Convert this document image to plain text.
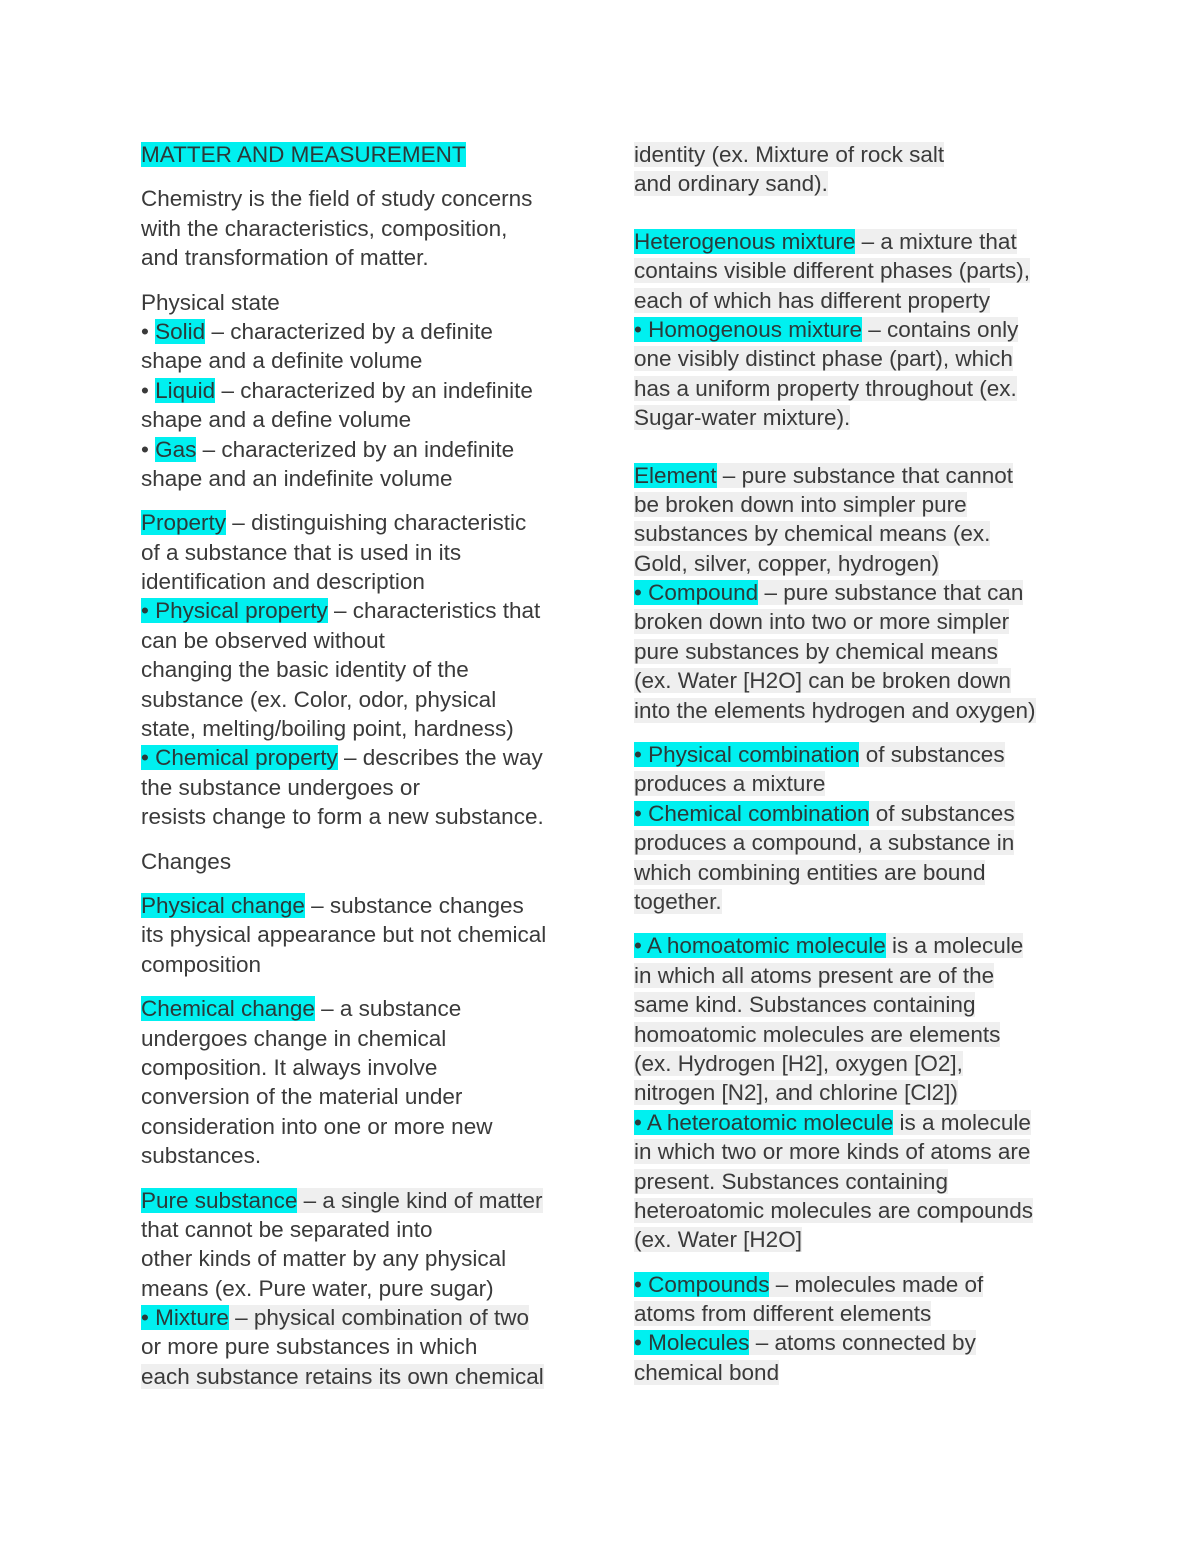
MATTER AND MEASUREMENT
Chemistry is the field of study concerns
with the characteristics, composition,
and transformation of matter.
Physical state
• Solid – characterized by a definite
shape and a definite volume
• Liquid – characterized by an indefinite
shape and a define volume
• Gas – characterized by an indefinite
shape and an indefinite volume
Property – distinguishing characteristic
of a substance that is used in its
identification and description
• Physical property – characteristics that
can be observed without
changing the basic identity of the
substance (ex. Color, odor, physical
state, melting/boiling point, hardness)
• Chemical property – describes the way
the substance undergoes or
resists change to form a new substance.
Changes
Physical change – substance changes
its physical appearance but not chemical
composition
Chemical change – a substance
undergoes change in chemical
composition. It always involve
conversion of the material under
consideration into one or more new
substances.
Pure substance – a single kind of matter
that cannot be separated into
other kinds of matter by any physical
means (ex. Pure water, pure sugar)
• Mixture – physical combination of two
or more pure substances in which
each substance retains its own chemical
identity (ex. Mixture of rock salt
and ordinary sand).
Heterogenous mixture – a mixture that
contains visible different phases (parts),
each of which has different property
• Homogenous mixture – contains only
one visibly distinct phase (part), which
has a uniform property throughout (ex.
Sugar-water mixture).
Element – pure substance that cannot
be broken down into simpler pure
substances by chemical means (ex.
Gold, silver, copper, hydrogen)
• Compound – pure substance that can
broken down into two or more simpler
pure substances by chemical means
(ex. Water [H2O] can be broken down
into the elements hydrogen and oxygen)
• Physical combination of substances
produces a mixture
• Chemical combination of substances
produces a compound, a substance in
which combining entities are bound
together.
• A homoatomic molecule is a molecule
in which all atoms present are of the
same kind. Substances containing
homoatomic molecules are elements
(ex. Hydrogen [H2], oxygen [O2],
nitrogen [N2], and chlorine [Cl2])
• A heteroatomic molecule is a molecule
in which two or more kinds of atoms are
present. Substances containing
heteroatomic molecules are compounds
(ex. Water [H2O]
• Compounds – molecules made of
atoms from different elements
• Molecules – atoms connected by
chemical bond
